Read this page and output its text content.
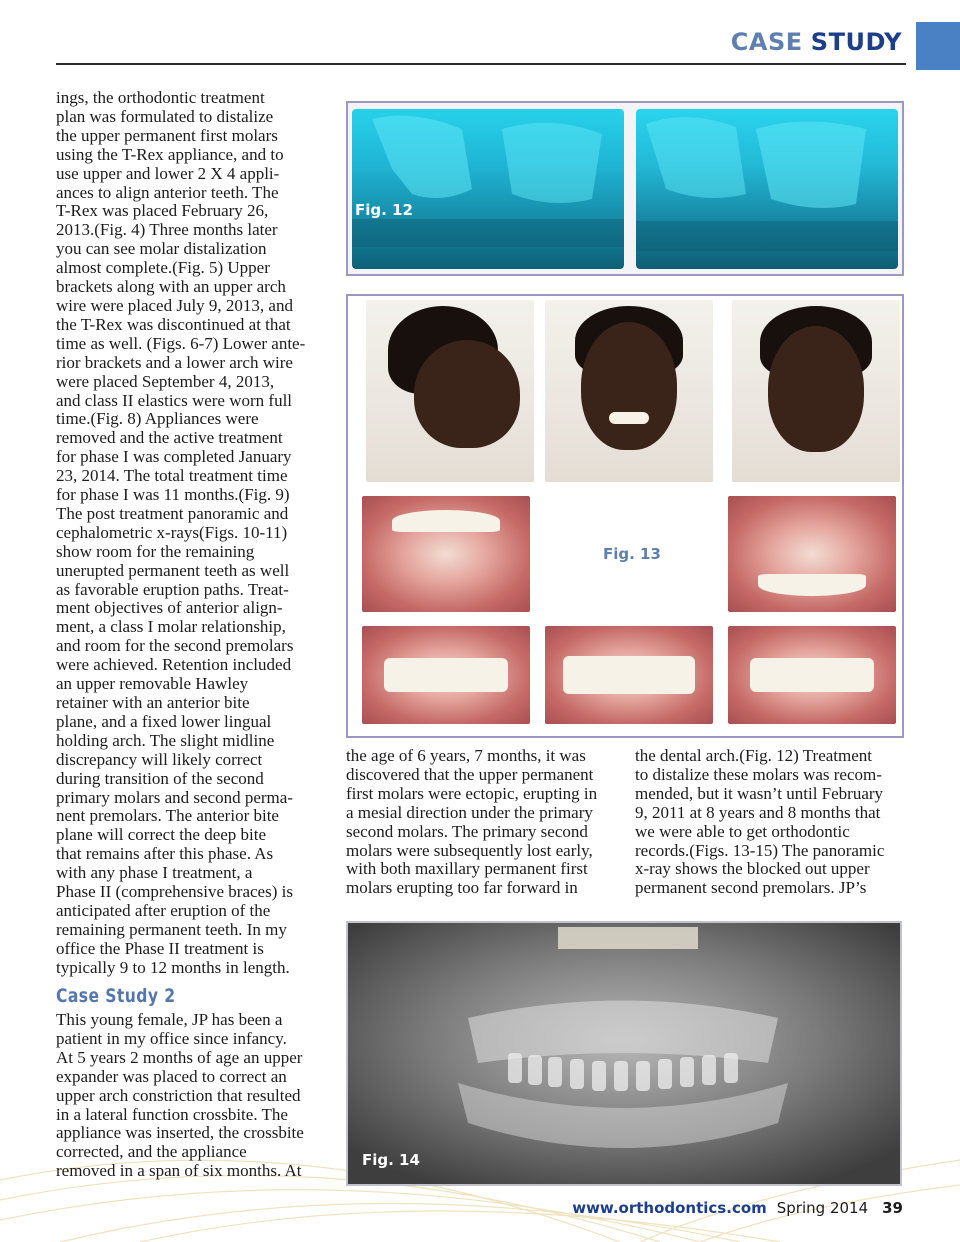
CASE STUDY
ings, the orthodontic treatment
plan was formulated to distalize
the upper permanent first molars
using the T-Rex appliance, and to
use upper and lower 2 X 4 appli-
ances to align anterior teeth. The
T-Rex was placed February 26,
2013.(Fig. 4) Three months later
you can see molar distalization
almost complete.(Fig. 5) Upper
brackets along with an upper arch
wire were placed July 9, 2013, and
the T-Rex was discontinued at that
time as well. (Figs. 6-7) Lower ante-
rior brackets and a lower arch wire
were placed September 4, 2013,
and class II elastics were worn full
time.(Fig. 8) Appliances were
removed and the active treatment
for phase I was completed January
23, 2014. The total treatment time
for phase I was 11 months.(Fig. 9)
The post treatment panoramic and
cephalometric x-rays(Figs. 10-11)
show room for the remaining
unerupted permanent teeth as well
as favorable eruption paths. Treat-
ment objectives of anterior align-
ment, a class I molar relationship,
and room for the second premolars
were achieved. Retention included
an upper removable Hawley
retainer with an anterior bite
plane, and a fixed lower lingual
holding arch. The slight midline
discrepancy will likely correct
during transition of the second
primary molars and second perma-
nent premolars. The anterior bite
plane will correct the deep bite
that remains after this phase. As
with any phase I treatment, a
Phase II (comprehensive braces) is
anticipated after eruption of the
remaining permanent teeth. In my
office the Phase II treatment is
typically 9 to 12 months in length.
Case Study 2
This young female, JP has been a
patient in my office since infancy.
At 5 years 2 months of age an upper
expander was placed to correct an
upper arch constriction that resulted
in a lateral function crossbite. The
appliance was inserted, the crossbite
corrected, and the appliance
removed in a span of six months. At
the age of 6 years, 7 months, it was
discovered that the upper permanent
first molars were ectopic, erupting in
a mesial direction under the primary
second molars. The primary second
molars were subsequently lost early,
with both maxillary permanent first
molars erupting too far forward in
the dental arch.(Fig. 12) Treatment
to distalize these molars was recom-
mended, but it wasn’t until February
9, 2011 at 8 years and 8 months that
we were able to get orthodontic
records.(Figs. 13-15) The panoramic
x-ray shows the blocked out upper
permanent second premolars. JP’s
Fig. 12
Fig. 13
Fig. 14
www.orthodontics.com Spring 2014 39
